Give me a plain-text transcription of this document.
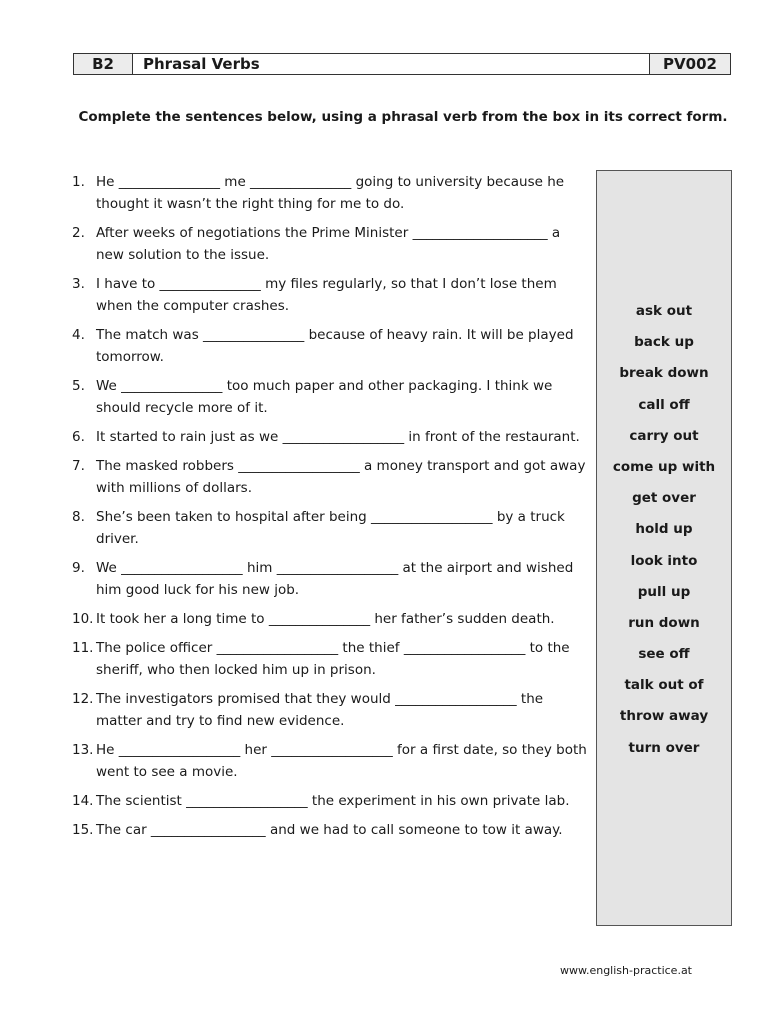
B2	Phrasal Verbs	PV002
Complete the sentences below, using a phrasal verb from the box in its correct form.
1. He _______________ me _______________ going to university because he thought it wasn’t the right thing for me to do.
2. After weeks of negotiations the Prime Minister ____________________ a new solution to the issue.
3. I have to _______________ my files regularly, so that I don’t lose them when the computer crashes.
4. The match was _______________ because of heavy rain. It will be played tomorrow.
5. We _______________ too much paper and other packaging. I think we should recycle more of it.
6. It started to rain just as we __________________ in front of the restaurant.
7. The masked robbers __________________ a money transport and got away with millions of dollars.
8. She’s been taken to hospital after being __________________ by a truck driver.
9. We __________________ him __________________ at the airport and wished him good luck for his new job.
10. It took her a long time to _______________ her father’s sudden death.
11. The police officer __________________ the thief __________________ to the sheriff, who then locked him up in prison.
12. The investigators promised that they would __________________ the matter and try to find new evidence.
13. He __________________ her __________________ for a first date, so they both went to see a movie.
14. The scientist __________________ the experiment in his own private lab.
15. The car _________________ and we had to call someone to tow it away.
ask out
back up
break down
call off
carry out
come up with
get over
hold up
look into
pull up
run down
see off
talk out of
throw away
turn over
www.english-practice.at
